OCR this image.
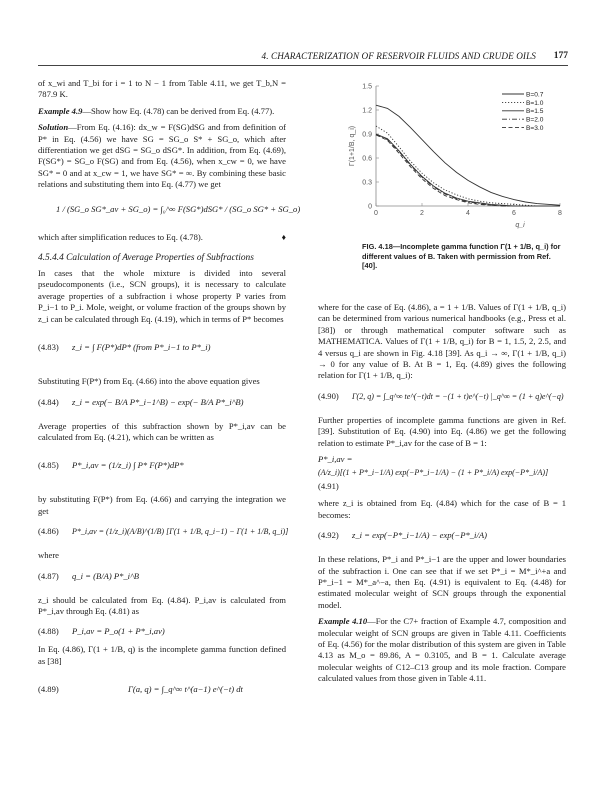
4. CHARACTERIZATION OF RESERVOIR FLUIDS AND CRUDE OILS 177

of x_wi and T_bi for i = 1 to N − 1 from Table 4.11, we get T_b,N = 787.9 K.

Example 4.9—Show how Eq. (4.78) can be derived from Eq. (4.77).

Solution—From Eq. (4.16): dx_w = F(SG)dSG and from definition of P* in Eq. (4.56) we have SG = SG_o S* + SG_o, which after differentiation we get dSG = SG_o dSG*. In addition, from Eq. (4.69), F(SG*) = SG_o F(SG) and from Eq. (4.56), when x_cw = 0, we have SG* = 0 and at x_cw = 1, we have SG* = ∞. By combining these basic relations and substituting them into Eq. (4.77) we get

1 / (SG_o SG*_av + SG_o) = ∫₀^∞ F(SG*)dSG* / (SG_o SG* + SG_o)

which after simplification reduces to Eq. (4.78).	♦

4.5.4.4 Calculation of Average Properties of Subfractions

In cases that the whole mixture is divided into several pseudocomponents (i.e., SCN groups), it is necessary to calculate average properties of a subfraction i whose property P varies from P_i−1 to P_i. Mole, weight, or volume fraction of the groups shown by z_i can be calculated through Eq. (4.19), which in terms of P* becomes

(4.83) z_i = ∫ F(P*)dP* (from P*_i−1 to P*_i)

Substituting F(P*) from Eq. (4.66) into the above equation gives

(4.84) z_i = exp(− B/A P*_i−1^B) − exp(− B/A P*_i^B)

Average properties of this subfraction shown by P*_i,av can be calculated from Eq. (4.21), which can be written as

(4.85) P*_i,av = (1/z_i) ∫ P* F(P*)dP*

by substituting F(P*) from Eq. (4.66) and carrying the integration we get

(4.86) P*_i,av = (1/z_i)(A/B)^(1/B) [Γ(1 + 1/B, q_i−1) − Γ(1 + 1/B, q_i)]

where

(4.87) q_i = (B/A) P*_i^B

z_i should be calculated from Eq. (4.84). P_i,av is calculated from P*_i,av through Eq. (4.81) as

(4.88) P_i,av = P_o(1 + P*_i,av)

In Eq. (4.86), Γ(1 + 1/B, q) is the incomplete gamma function defined as [38]

(4.89)	Γ(a, q) = ∫_q^∞ t^(a−1) e^(−t) dt
0
0.3
0.6
0.9
1.2
1.5
0	2	4	6	8
q_i
Γ(1+1/B, q_i)
B=0.7
B=1.0
B=1.5
B=2.0
B=3.0
FIG. 4.18—Incomplete gamma function Γ(1 + 1/B, q_i) for different values of B. Taken with permission from Ref. [40].

where for the case of Eq. (4.86), a = 1 + 1/B. Values of Γ(1 + 1/B, q_i) can be determined from various numerical handbooks (e.g., Press et al. [38]) or through mathematical computer software such as MATHEMATICA. Values of Γ(1 + 1/B, q_i) for B = 1, 1.5, 2, 2.5, and 4 versus q_i are shown in Fig. 4.18 [39]. As q_i → ∞, Γ(1 + 1/B, q_i) → 0 for any value of B. At B = 1, Eq. (4.89) gives the following relation for Γ(1 + 1/B, q_i):

(4.90) Γ(2, q) = ∫_q^∞ te^(−t)dt = −(1 + t)e^(−t) |_q^∞ = (1 + q)e^(−q)

Further properties of incomplete gamma functions are given in Ref. [39]. Substitution of Eq. (4.90) into Eq. (4.86) we get the following relation to estimate P*_i,av for the case of B = 1:

P*_i,av =
(A/z_i)[(1 + P*_i−1/A) exp(−P*_i−1/A) − (1 + P*_i/A) exp(−P*_i/A)]
(4.91)

where z_i is obtained from Eq. (4.84) which for the case of B = 1 becomes:

(4.92) z_i = exp(−P*_i−1/A) − exp(−P*_i/A)

In these relations, P*_i and P*_i−1 are the upper and lower boundaries of the subfraction i. One can see that if we set P*_i = M*_i^+a and P*_i−1 = M*_a^−a, then Eq. (4.91) is equivalent to Eq. (4.48) for estimated molecular weight of SCN groups through the exponential model.

Example 4.10—For the C7+ fraction of Example 4.7, composition and molecular weight of SCN groups are given in Table 4.11. Coefficients of Eq. (4.56) for the molar distribution of this system are given in Table 4.13 as M_o = 89.86, A = 0.3105, and B = 1. Calculate average molecular weights of C12–C13 group and its mole fraction. Compare calculated values from those given in Table 4.11.
